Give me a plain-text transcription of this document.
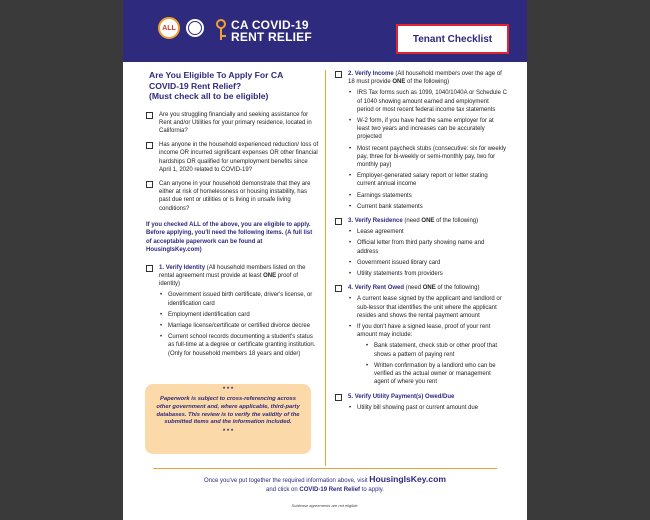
ALL	CA COVID-19
RENT RELIEF	Tenant Checklist
Are You Eligible To Apply For CA
COVID-19 Rent Relief?
(Must check all to be eligible)
Are you struggling financially and seeking assistance for Rent and/or Utilities for your primary residence, located in California?
Has anyone in the household experienced reduction/ loss of income OR incurred significant expenses OR other financial hardships OR qualified for unemployment benefits since April 1, 2020 related to COVID-19?
Can anyone in your household demonstrate that they are either at risk of homelessness or housing instability, has past due rent or utilities or is living in unsafe living conditions?
If you checked ALL of the above, you are eligible to apply. Before applying, you'll need the following items. (A full list of acceptable paperwork can be found at HousingIsKey.com)
1. Verify Identity (All household members listed on the rental agreement must provide at least ONE proof of identity)
• Government issued birth certificate, driver's license, or identification card
• Employment identification card
• Marriage license/certificate or certified divorce decree
• Current school records documenting a student's status as full-time at a degree or certificate granting institution. (Only for household members 18 years and older)
* * *
Paperwork is subject to cross-referencing across other government and, where applicable, third-party databases. This review is to verify the validity of the submitted items and the information included.
* * *
2. Verify Income (All household members over the age of 18 must provide ONE of the following)
• IRS Tax forms such as 1099, 1040/1040A or Schedule C of 1040 showing amount earned and employment period or most recent federal income tax statements
• W-2 form, if you have had the same employer for at least two years and increases can be accurately projected
• Most recent paycheck stubs (consecutive: six for weekly pay, three for bi-weekly or semi-monthly pay, two for monthly pay)
• Employer-generated salary report or letter stating current annual income
• Earnings statements
• Current bank statements
3. Verify Residence (need ONE of the following)
• Lease agreement
• Official letter from third party showing name and address
• Government issued library card
• Utility statements from providers
4. Verify Rent Owed (need ONE of the following)
• A current lease signed by the applicant and landlord or sub-lessor that identifies the unit where the applicant resides and shows the rental payment amount
• If you don't have a signed lease, proof of your rent amount may include:
• Bank statement, check stub or other proof that shows a pattern of paying rent
• Written confirmation by a landlord who can be verified as the actual owner or management agent of where you rent
5. Verify Utility Payment(s) Owed/Due
• Utility bill showing past or current amount due
Once you've put together the required information above, visit HousingIsKey.com
and click on COVID-19 Rent Relief to apply.
Sublease agreements are not eligible.
